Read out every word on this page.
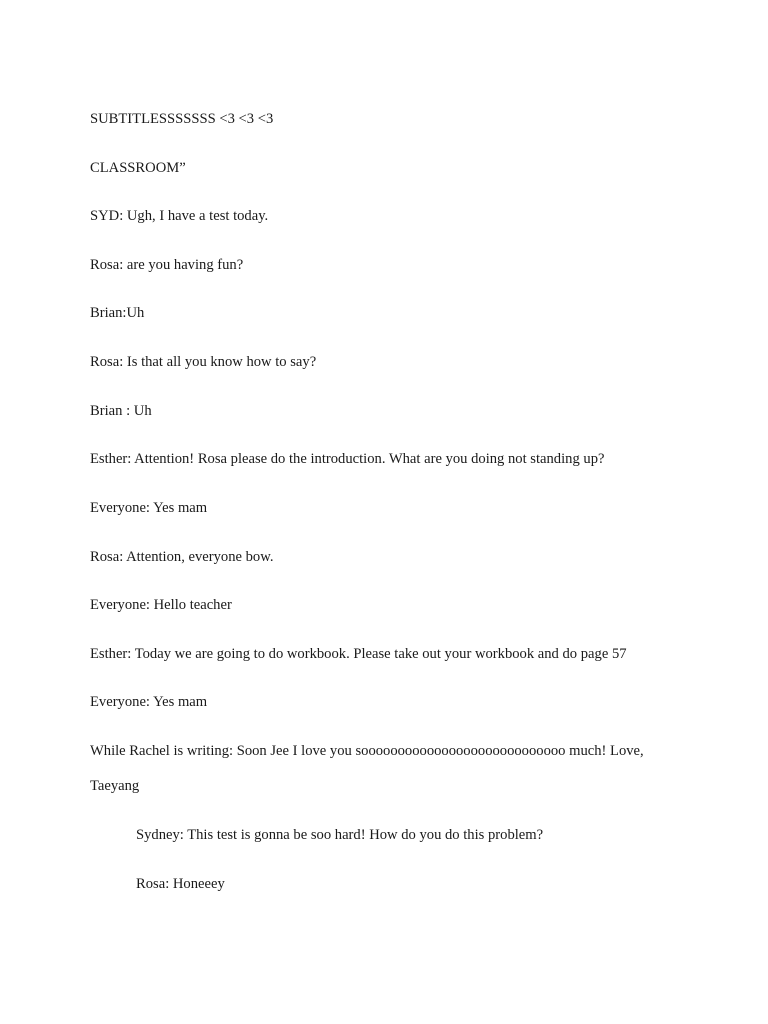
SUBTITLESSSSSSS <3 <3 <3
CLASSROOM”
SYD: Ugh, I have a test today.
Rosa: are you having fun?
Brian:Uh
Rosa: Is that all you know how to say?
Brian : Uh
Esther: Attention! Rosa please do the introduction. What are you doing not standing up?
Everyone: Yes mam
Rosa: Attention, everyone bow.
Everyone: Hello teacher
Esther: Today we are going to do workbook. Please take out your workbook and do page 57
Everyone: Yes mam
While Rachel is writing: Soon Jee I love you soooooooooooooooooooooooooooo much! Love,
Taeyang
Sydney: This test is gonna be soo hard! How do you do this problem?
Rosa: Honeeey
